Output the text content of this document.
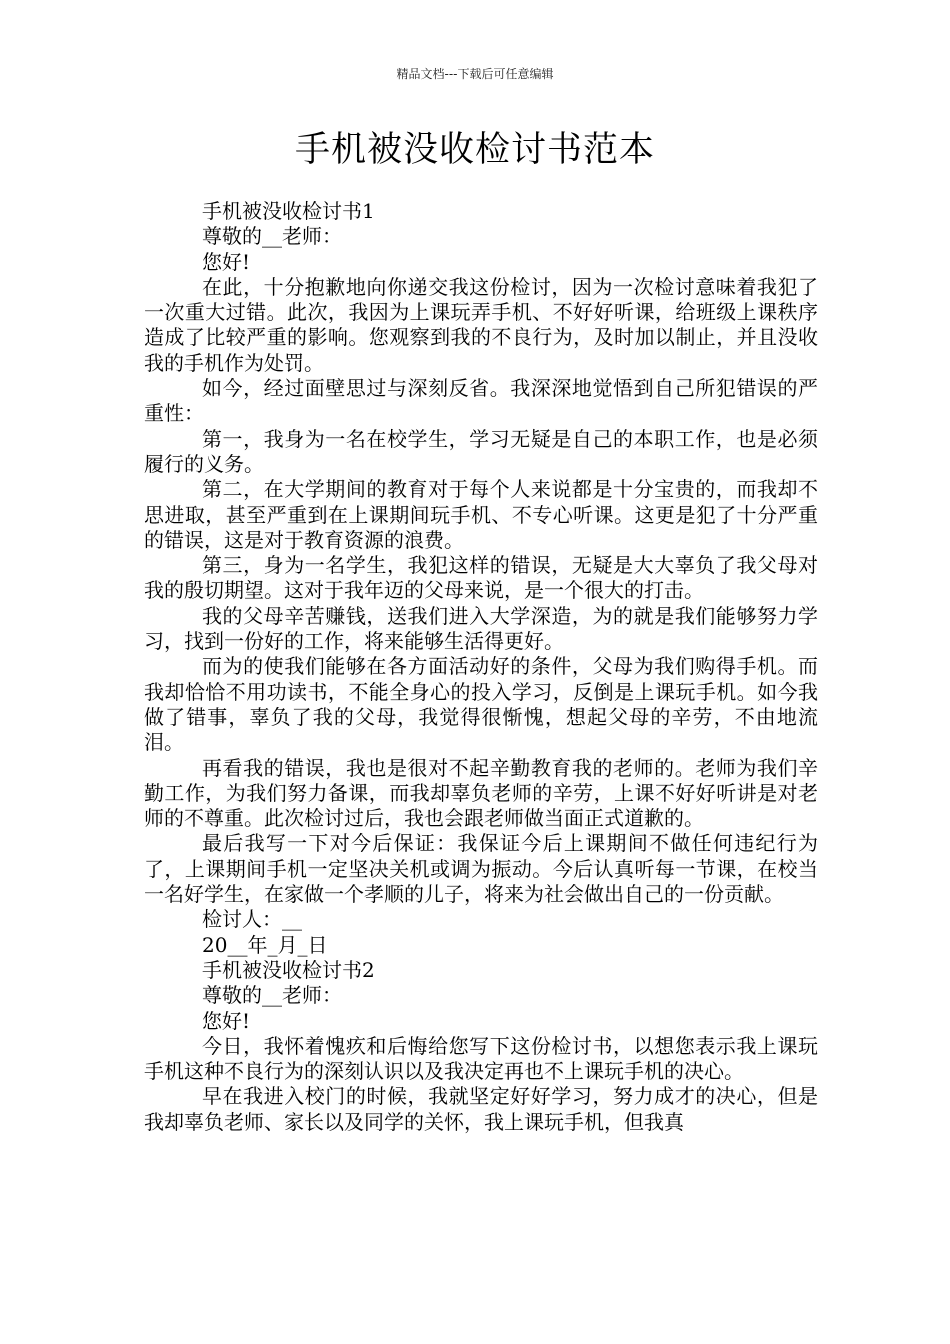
精品文档---下载后可任意编辑
手机被没收检讨书范本

手机被没收检讨书1

尊敬的__老师：

您好!

在此，十分抱歉地向你递交我这份检讨，因为一次检讨意味着我犯了一次重大过错。此次，我因为上课玩弄手机、不好好听课，给班级上课秩序造成了比较严重的影响。您观察到我的不良行为，及时加以制止，并且没收我的手机作为处罚。

如今，经过面壁思过与深刻反省。我深深地觉悟到自己所犯错误的严重性：

第一，我身为一名在校学生，学习无疑是自己的本职工作，也是必须履行的义务。

第二，在大学期间的教育对于每个人来说都是十分宝贵的，而我却不思进取，甚至严重到在上课期间玩手机、不专心听课。这更是犯了十分严重的错误，这是对于教育资源的浪费。

第三，身为一名学生，我犯这样的错误，无疑是大大辜负了我父母对我的殷切期望。这对于我年迈的父母来说，是一个很大的打击。

我的父母辛苦赚钱，送我们进入大学深造，为的就是我们能够努力学习，找到一份好的工作，将来能够生活得更好。

而为的使我们能够在各方面活动好的条件，父母为我们购得手机。而我却恰恰不用功读书，不能全身心的投入学习，反倒是上课玩手机。如今我做了错事，辜负了我的父母，我觉得很惭愧，想起父母的辛劳，不由地流泪。

再看我的错误，我也是很对不起辛勤教育我的老师的。老师为我们辛勤工作，为我们努力备课，而我却辜负老师的辛劳，上课不好好听讲是对老师的不尊重。此次检讨过后，我也会跟老师做当面正式道歉的。

最后我写一下对今后保证：我保证今后上课期间不做任何违纪行为了，上课期间手机一定坚决关机或调为振动。今后认真听每一节课，在校当一名好学生，在家做一个孝顺的儿子，将来为社会做出自己的一份贡献。

检讨人：__

20__年_月_日

手机被没收检讨书2

尊敬的__老师：

您好!

今日，我怀着愧疚和后悔给您写下这份检讨书，以想您表示我上课玩手机这种不良行为的深刻认识以及我决定再也不上课玩手机的决心。

早在我进入校门的时候，我就坚定好好学习，努力成才的决心，但是我却辜负老师、家长以及同学的关怀，我上课玩手机，但我真
